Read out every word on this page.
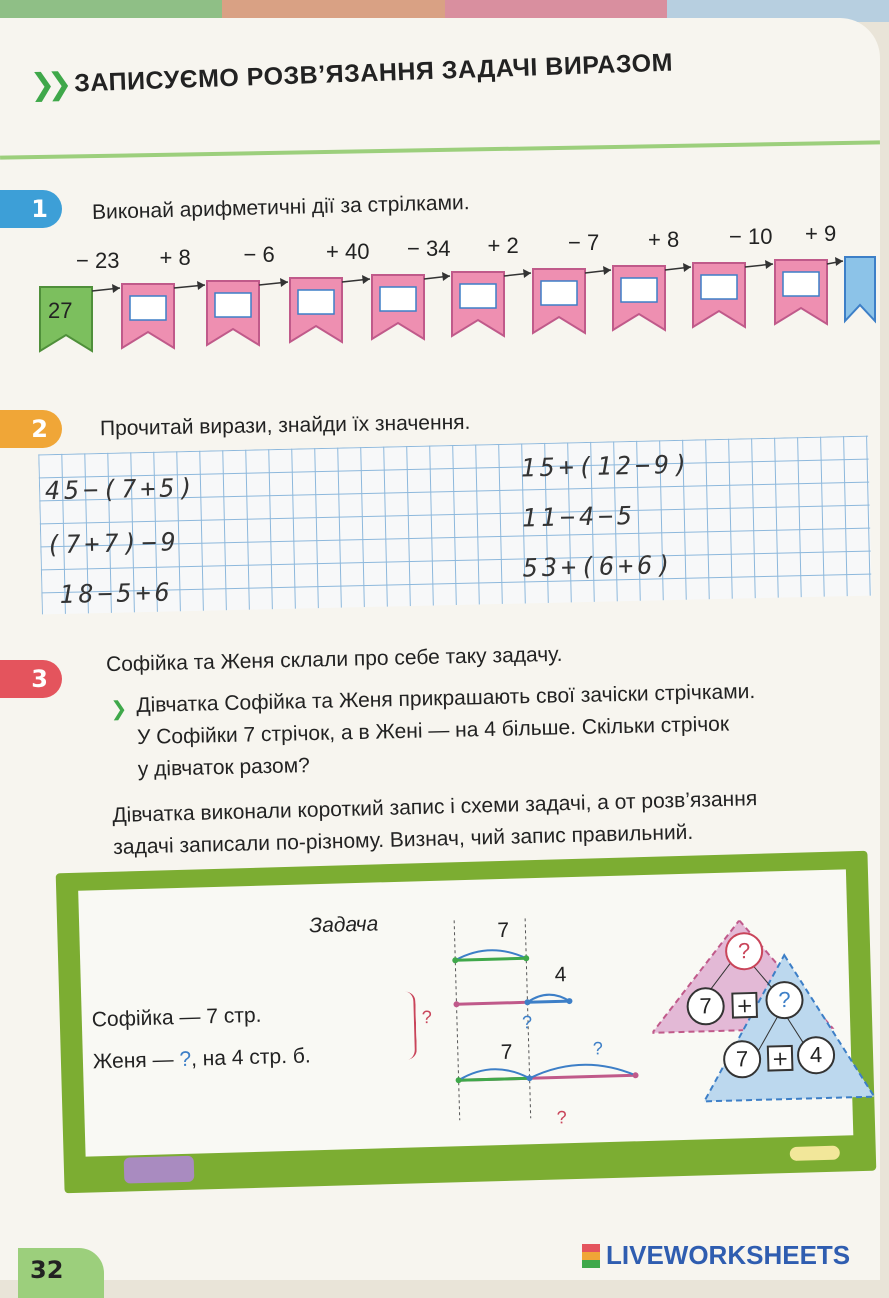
❯❯ ЗАПИСУЄМО РОЗВ’ЯЗАННЯ ЗАДАЧІ ВИРАЗОМ
1	Виконай арифметичні дії за стрілками.
− 23 + 8 − 6 + 40 − 34 + 2 − 7 + 8 − 10 + 9
27
2	Прочитай вирази, знайди їх значення.
45−(7+5)
(7+7)−9
18−5+6
15+(12−9)
11−4−5
53+(6+6)
3
Софійка та Женя склали про себе таку задачу.
❯ Дівчатка Софійка та Женя прикрашають свої зачіски стрічками.
У Софійки 7 стрічок, а в Жені — на 4 більше. Скільки стрічок
у дівчаток разом?
Дівчатка виконали короткий запис і схеми задачі, а от розв’язання
задачі записали по-різному. Визнач, чий запис правильний.
Задача
Софійка — 7 стр.
Женя — ?, на 4 стр. б.
?
7
4
?
7	?
?
?
7	+	?
7	+ 4
32	LIVEWORKSHEETS
